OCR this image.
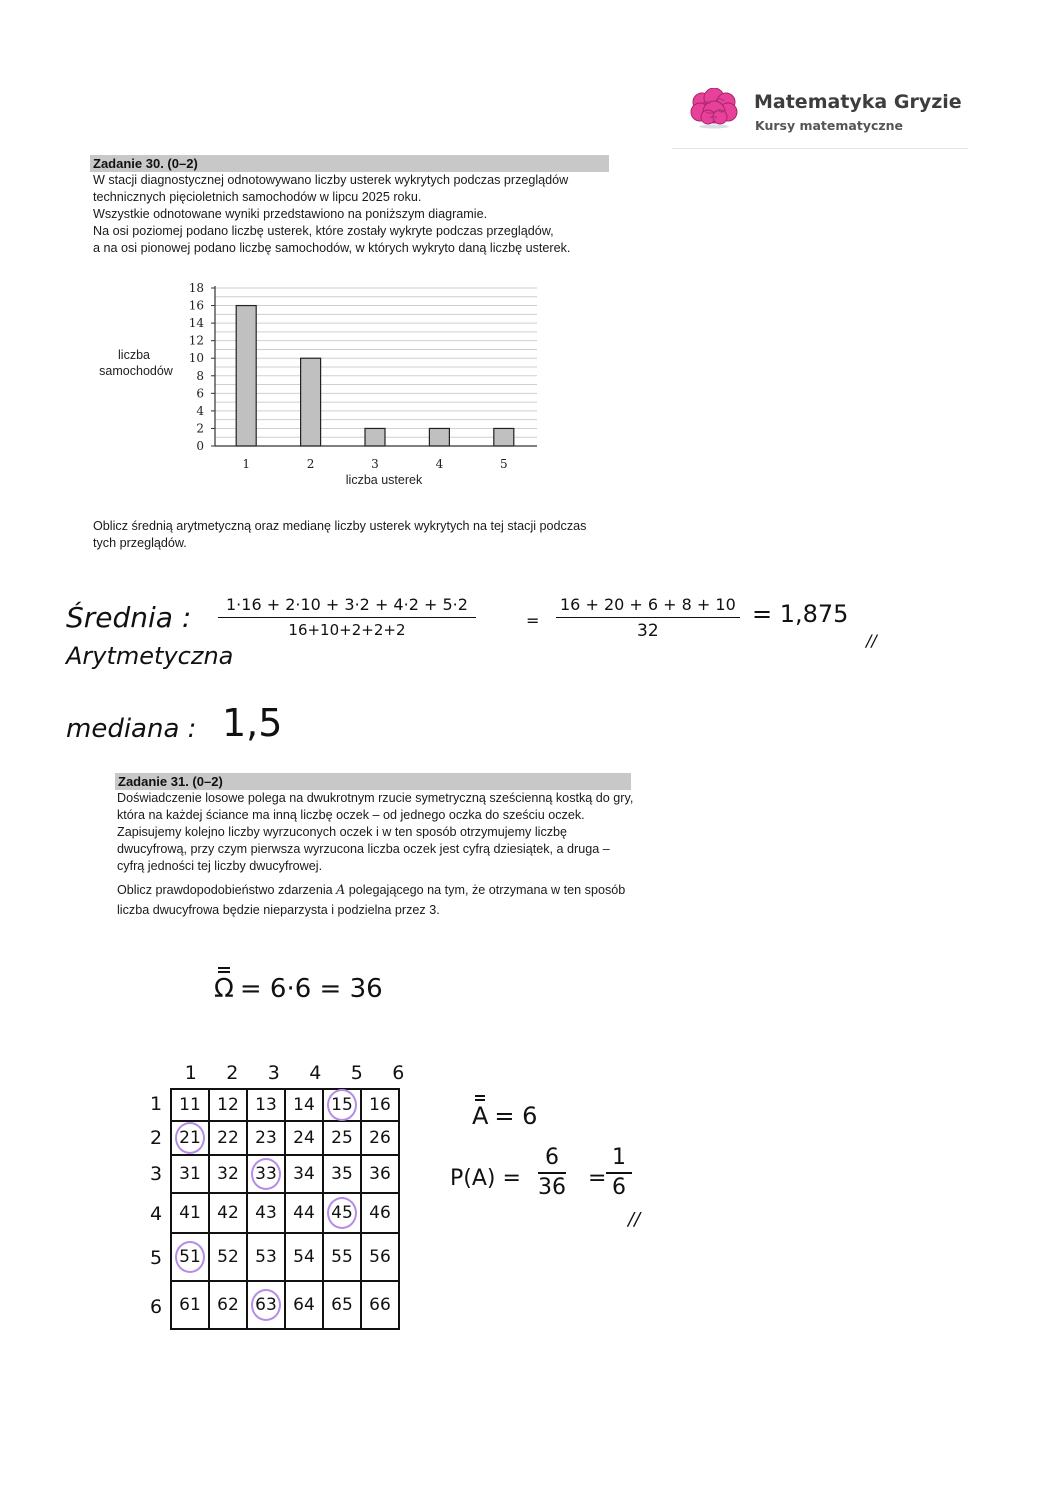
Matematyka Gryzie
Kursy matematyczne
Zadanie 30. (0–2)

W stacji diagnostycznej odnotowywano liczby usterek wykrytych podczas przeglądów

technicznych pięcioletnich samochodów w lipcu 2025 roku.

Wszystkie odnotowane wyniki przedstawiono na poniższym diagramie.

Na osi poziomej podano liczbę usterek, które zostały wykryte podczas przeglądów,

a na osi pionowej podano liczbę samochodów, w których wykryto daną liczbę usterek.

0
2
4
6
8
10
12
14
16
18
1	2	3	4	5
liczba
samochodów
liczba usterek

Oblicz średnią arytmetyczną oraz medianę liczby usterek wykrytych na tej stacji podczas

tych przeglądów.

Średnia :
Arytmetyczna
1·16 + 2·10 + 3·2 + 4·2 + 5·2
16+10+2+2+2
=
16 + 20 + 6 + 8 + 10
32
= 1,875
//
mediana : 1,5
Zadanie 31. (0–2)

Doświadczenie losowe polega na dwukrotnym rzucie symetryczną sześcienną kostką do gry,

która na każdej ściance ma inną liczbę oczek – od jednego oczka do sześciu oczek.

Zapisujemy kolejno liczby wyrzuconych oczek i w ten sposób otrzymujemy liczbę

dwucyfrową, przy czym pierwsza wyrzucona liczba oczek jest cyfrą dziesiątek, a druga –

cyfrą jedności tej liczby dwucyfrowej.

Oblicz prawdopodobieństwo zdarzenia A polegającego na tym, że otrzymana w ten sposób

liczba dwucyfrowa będzie nieparzysta i podzielna przez 3.

Ω = 6·6 = 36
1 2 3 4 5 6
1
2
3
4
5
6
11	12	13	14	15	16
21	22	23	24	25	26
31	32	33	34	35	36
41	42	43	44	45	46
51	52	53	54	55	56
61	62	63	64	65	66
A = 6
P(A) =
6
36 =
1
6
//
